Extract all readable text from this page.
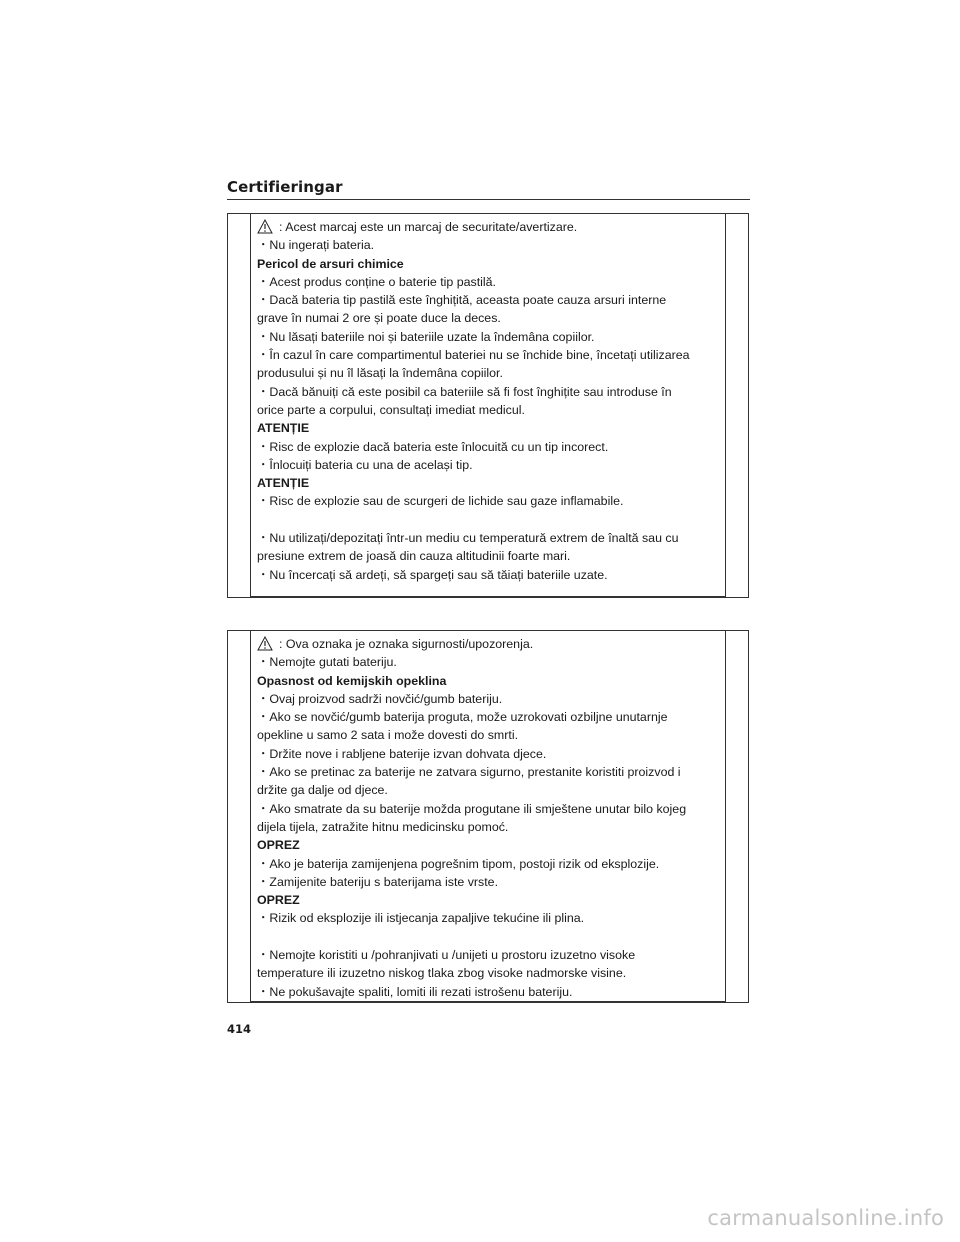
Certifieringar
: Acest marcaj este un marcaj de securitate/avertizare.
・Nu ingerați bateria.
Pericol de arsuri chimice
・Acest produs conține o baterie tip pastilă.
・Dacă bateria tip pastilă este înghițită, aceasta poate cauza arsuri interne
grave în numai 2 ore și poate duce la deces.
・Nu lăsați bateriile noi și bateriile uzate la îndemâna copiilor.
・În cazul în care compartimentul bateriei nu se închide bine, încetați utilizarea
produsului și nu îl lăsați la îndemâna copiilor.
・Dacă bănuiți că este posibil ca bateriile să fi fost înghițite sau introduse în
orice parte a corpului, consultați imediat medicul.
ATENȚIE
・Risc de explozie dacă bateria este înlocuită cu un tip incorect.
・Înlocuiți bateria cu una de același tip.
ATENȚIE
・Risc de explozie sau de scurgeri de lichide sau gaze inflamabile.
・Nu utilizați/depozitați într-un mediu cu temperatură extrem de înaltă sau cu
presiune extrem de joasă din cauza altitudinii foarte mari.
・Nu încercați să ardeți, să spargeți sau să tăiați bateriile uzate.
: Ova oznaka je oznaka sigurnosti/upozorenja.
・Nemojte gutati bateriju.
Opasnost od kemijskih opeklina
・Ovaj proizvod sadrži novčić/gumb bateriju.
・Ako se novčić/gumb baterija proguta, može uzrokovati ozbiljne unutarnje
opekline u samo 2 sata i može dovesti do smrti.
・Držite nove i rabljene baterije izvan dohvata djece.
・Ako se pretinac za baterije ne zatvara sigurno, prestanite koristiti proizvod i
držite ga dalje od djece.
・Ako smatrate da su baterije možda progutane ili smještene unutar bilo kojeg
dijela tijela, zatražite hitnu medicinsku pomoć.
OPREZ
・Ako je baterija zamijenjena pogrešnim tipom, postoji rizik od eksplozije.
・Zamijenite bateriju s baterijama iste vrste.
OPREZ
・Rizik od eksplozije ili istjecanja zapaljive tekućine ili plina.
・Nemojte koristiti u /pohranjivati u /unijeti u prostoru izuzetno visoke
temperature ili izuzetno niskog tlaka zbog visoke nadmorske visine.
・Ne pokušavajte spaliti, lomiti ili rezati istrošenu bateriju.
414
carmanualsonline.info
